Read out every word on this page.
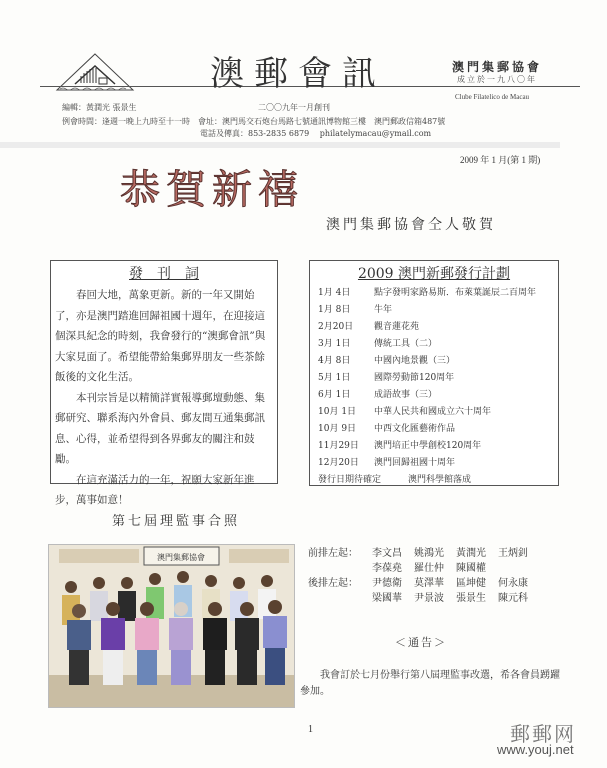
澳郵會訊	澳門集郵協會
成立於一九八〇年
Clube Filatelico de Macau
編輯：黃潤光 張景生	二〇〇九年一月創刊
例會時間：逢週一晚上九時至十一時　會址：澳門馬交石炮台馬路七號通訊博物館三樓　澳門郵政信箱487號
電話及傳真：853-2835 6879　 philatelymacau@ymail.com
2009 年 1 月(第 1 期)
恭賀新禧
澳門集郵協會仝人敬賀
發　刊　詞

春回大地，萬象更新。新的一年又開始了，亦是澳門踏進回歸祖國十週年，在迎接這個深具紀念的時刻，我會發行的“澳郵會訊”與大家見面了。希望能帶給集郵界朋友一些茶餘飯後的文化生活。

本刊宗旨是以精簡詳實報導郵壇動態、集郵研究、聯系海內外會員、郵友間互通集郵訊息、心得，並希望得到各界郵友的關注和鼓勵。

在這充滿活力的一年，祝願大家新年進步，萬事如意！

2009 澳門新郵發行計劃
1月 4日	點字發明家路易斯．布萊葉誕辰二百周年
1月 8日	牛年
2月20日 觀音蓮花苑
3月 1日	傳統工具（二）
4月 8日	中國內地景觀（三）
5月 1日	國際勞動節120周年
6月 1日	成語故事（三）
10月 1日 中華人民共和國成立六十周年
10月 9日 中西文化匯藝術作品
11月29日 澳門培正中學創校120周年
12月20日 澳門回歸祖國十周年
發行日期待確定	澳門科學館落成
第七屆理監事合照
澳門集郵協會	前排左起： 李文昌 姚鴻光 黃潤光 王炳釗
李葆堯 羅仕仲 陳國權
後排左起： 尹德衛 莫澤華 區坤健 何永康
梁國華 尹景波 張景生 陳元科
＜通告＞
我會訂於七月份舉行第八屆理監事改選，希各會員踴躍參加。
1	郵郵网
www.youj.net
